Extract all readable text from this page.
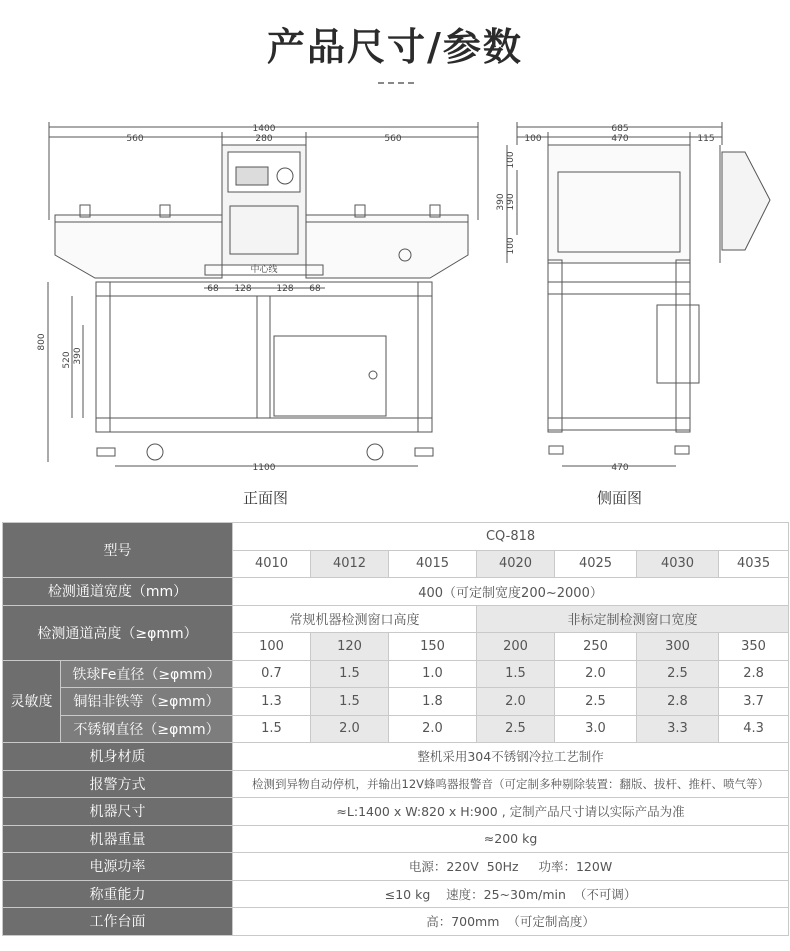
产品尺寸/参数
1400
560	280	560
中心线
68 128	128 68
1100
800
520 390
685
100	470	115
390 190
100
100
470
正面图	侧面图
型号		CQ-818						
		4010	4012	4015	4020	4025	4030	4035
检测通道宽度（mm）		400（可定制宽度200~2000）						
检测通道高度（≥φmm）		常规机器检测窗口高度			非标定制检测窗口宽度			
		100	120	150	200	250	300	350
灵敏度	铁球Fe直径（≥φmm）	0.7	1.5	1.0	1.5	2.0	2.5	2.8
	铜铝非铁等（≥φmm）	1.3	1.5	1.8	2.0	2.5	2.8	3.7
	不锈钢直径（≥φmm）	1.5	2.0	2.0	2.5	3.0	3.3	4.3
机身材质		整机采用304不锈钢冷拉工艺制作						
报警方式		检测到异物自动停机，并输出12V蜂鸣器报警音（可定制多种剔除装置：翻版、拔杆、推杆、喷气等）						
机器尺寸		≈L:1400 x W:820 x H:900 , 定制产品尺寸请以实际产品为准						
机器重量		≈200 kg						
电源功率		电源：220V  50Hz     功率：120W						
称重能力		≤10 kg    速度：25~30m/min  （不可调）						
工作台面		高：700mm  （可定制高度）						
